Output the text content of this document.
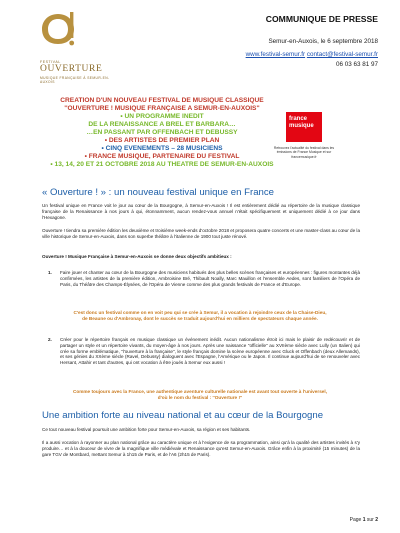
FESTIVAL
OUVERTURE
MUSIQUE FRANÇAISE À SEMUR-EN-AUXOIS
COMMUNIQUE DE PRESSE
Semur-en-Auxois, le 6 septembre 2018
www.festival-semur.fr contact@festival-semur.fr
06 03 63 81 97
CREATION D'UN NOUVEAU FESTIVAL DE MUSIQUE CLASSIQUE
''OUVERTURE ! MUSIQUE FRANÇAISE A SEMUR-EN-AUXOIS''
• UN PROGRAMME INEDIT
DE LA RENAISSANCE A BREL ET BARBARA…
…EN PASSANT PAR OFFENBACH ET DEBUSSY
• DES ARTISTES DE PREMIER PLAN
• CINQ EVENEMENTS – 28 MUSICIENS
• FRANCE MUSIQUE, PARTENAIRE DU FESTIVAL
• 13, 14, 20 ET 21 OCTOBRE 2018 AU THEATRE DE SEMUR-EN-AUXOIS
france
musique
Retrouvez l'actualité du festival dans les émissions de France Musique et sur francemusique.fr
« Ouverture ! » : un nouveau festival unique en France
Un festival unique en France voit le jour au cœur de la Bourgogne, à Semur-en-Auxois ! Il est entièrement dédié au répertoire de la musique classique française de la Renaissance à nos jours à qui, étonnamment, aucun rendez-vous annuel n'était spécifiquement et uniquement dédié à ce jour dans l'Hexagone.
Ouverture ! tiendra sa première édition les deuxième et troisième week-ends d'octobre 2018 et proposera quatre concerts et une master-class au cœur de la ville historique de Semur-en-Auxois, dans son superbe théâtre à l'italienne de 1900 tout juste rénové.
Ouverture ! Musique Française à Semur-en-Auxois se donne deux objectifs ambitieux :
1. Faire jouer et chanter au cœur de la Bourgogne des musiciens habitués des plus belles scènes françaises et européennes : figures montantes déjà confirmées, les artistes de la première édition, Ambroisine Bré, Thibault Noally, Marc Mauillon et l'ensemble Aedes, sont familiers de l'Opéra de Paris, du Théâtre des Champs-Élysées, de l'Opéra de Vienne comme des plus grands festivals de France et d'Europe.
C'est donc un festival comme on en voit peu qui se crée à Semur, il a vocation à rejoindre ceux de la Chaise-Dieu, de Beaune ou d'Ambronay, dont le succès se traduit aujourd'hui en milliers de spectateurs chaque année.
2. Créer pour le répertoire français en musique classique un événement inédit. Aucun nationalisme étroit ici mais le plaisir de redécouvrir et de partager un style et un répertoire vivants, du moyen-âge à nos jours. Après une naissance ''officielle'' au XVIIème siècle avec Lully (un Italien) qui crée sa forme emblématique, ''l'ouverture à la française'', le style français domine la scène européenne avec Gluck et Offenbach (deux Allemands), et ses génies du XXème siècle (Ravel, Debussy) dialoguent avec l'Espagne, l'Amérique ou le Japon. Il continue aujourd'hui de se renouveler avec Hersant, Attahir et tant d'autres, qui ont vocation à être joués à Semur eux aussi !
Comme toujours avec la France, une authentique aventure culturelle nationale est avant tout ouverte à l'universel, d'où le nom du festival : ''Ouverture !''
Une ambition forte au niveau national et au cœur de la Bourgogne
Ce tout nouveau festival poursuit une ambition forte pour Semur-en-Auxois, sa région et ses habitants.
Il a aussi vocation à rayonner au plan national grâce au caractère unique et à l'exigence de sa programmation, ainsi qu'à la qualité des artistes invités à s'y produire… et à la douceur de vivre de la magnifique ville médiévale et Renaissance qu'est Semur-en-Auxois. Grâce enfin à la proximité (15 minutes) de la gare TGV de Montbard, mettant Semur à 1h15 de Paris, et de l'A6 (2h15 de Paris).
Page 1 sur 2
